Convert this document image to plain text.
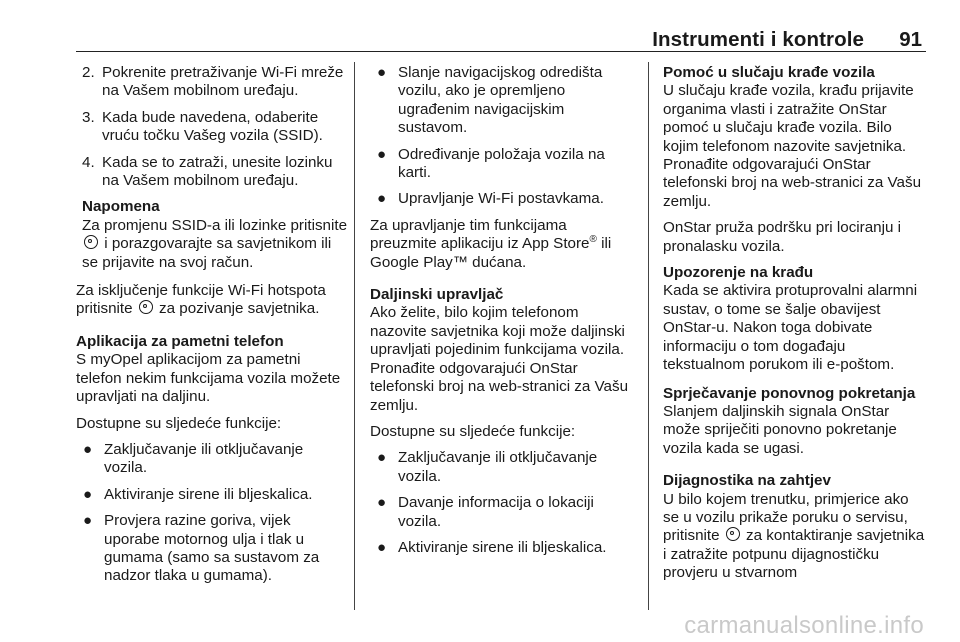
Instrumenti i kontrole 91
2. Pokrenite pretraživanje Wi-Fi mreže na Vašem mobilnom uređaju.
3. Kada bude navedena, odaberite vruću točku Vašeg vozila (SSID).
4. Kada se to zatraži, unesite lozinku na Vašem mobilnom uređaju.
Napomena
Za promjenu SSID-a ili lozinke pritisnite  i porazgovarajte sa savjetnikom ili se prijavite na svoj račun.

Za isključenje funkcije Wi-Fi hotspota pritisnite za pozivanje savjetnika.

Aplikacija za pametni telefon

S myOpel aplikacijom za pametni telefon nekim funkcijama vozila možete upravljati na daljinu.

Dostupne su sljedeće funkcije:

● Zaključavanje ili otključavanje vozila.
● Aktiviranje sirene ili bljeskalica.
● Provjera razine goriva, vijek uporabe motornog ulja i tlak u gumama (samo sa sustavom za nadzor tlaka u gumama).
● Slanje navigacijskog odredišta vozilu, ako je opremljeno ugrađenim navigacijskim sustavom.
● Određivanje položaja vozila na karti.
● Upravljanje Wi-Fi postavkama.

Za upravljanje tim funkcijama preuzmite aplikaciju iz App Store® ili Google Play™ dućana.

Daljinski upravljač

Ako želite, bilo kojim telefonom nazovite savjetnika koji može daljinski upravljati pojedinim funkcijama vozila. Pronađite odgovarajući OnStar telefonski broj na web-stranici za Vašu zemlju.

Dostupne su sljedeće funkcije:

● Zaključavanje ili otključavanje vozila.
● Davanje informacija o lokaciji vozila.
● Aktiviranje sirene ili bljeskalica.
Pomoć u slučaju krađe vozila

U slučaju krađe vozila, krađu prijavite organima vlasti i zatražite OnStar pomoć u slučaju krađe vozila. Bilo kojim telefonom nazovite savjetnika. Pronađite odgovarajući OnStar telefonski broj na web-stranici za Vašu zemlju.

OnStar pruža podršku pri lociranju i pronalasku vozila.

Upozorenje na krađu
Kada se aktivira protuprovalni alarmni sustav, o tome se šalje obavijest OnStar-u. Nakon toga dobivate informaciju o tom događaju tekstualnom porukom ili e-poštom.
Sprječavanje ponovnog pokretanja
Slanjem daljinskih signala OnStar može spriječiti ponovno pokretanje vozila kada se ugasi.
Dijagnostika na zahtjev

U bilo kojem trenutku, primjerice ako se u vozilu prikaže poruku o servisu, pritisnite za kontaktiranje savjetnika i zatražite potpunu dijagnostičku provjeru u stvarnom

carmanualsonline.info
